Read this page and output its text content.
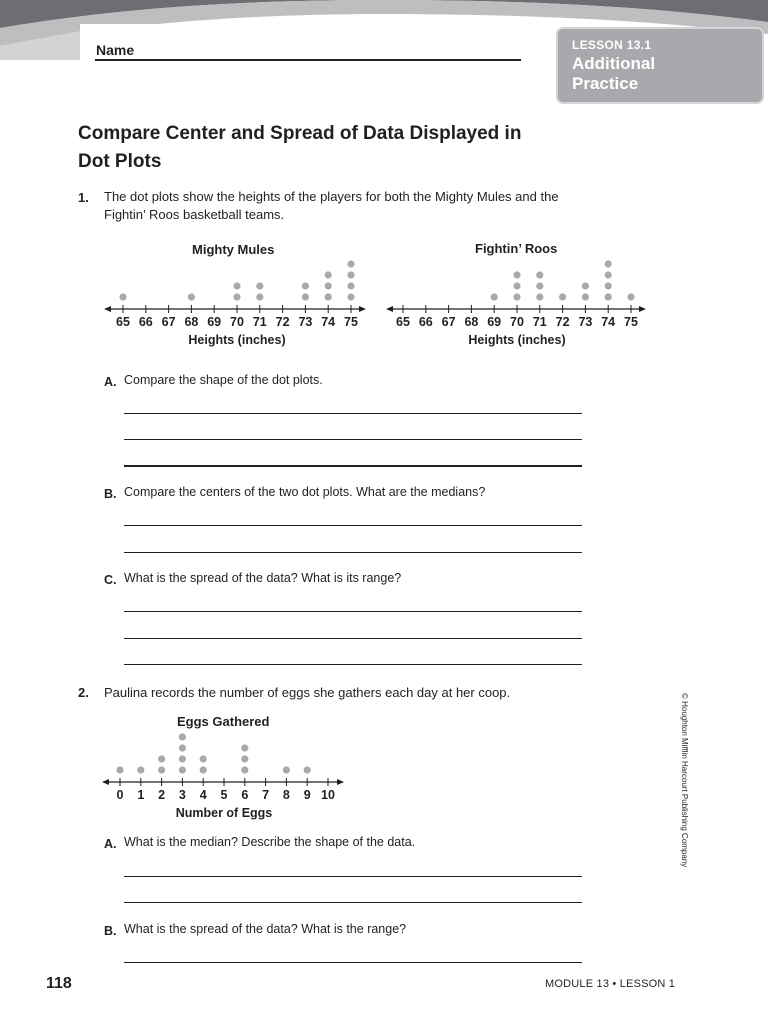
Name	LESSON 13.1
Additional Practice
Compare Center and Spread of Data Displayed in Dot Plots
1. The dot plots show the heights of the players for both the Mighty Mules and the Fightin’ Roos basketball teams.
Mighty Mules
65 66 67 68 69 70 71 72 73 74 75
Heights (inches)
Fightin’ Roos
65 66 67 68 69 70 71 72 73 74 75
Heights (inches)
A. Compare the shape of the dot plots.
B. Compare the centers of the two dot plots. What are the medians?
C. What is the spread of the data? What is its range?
2. Paulina records the number of eggs she gathers each day at her coop.
Eggs Gathered
0 1 2 3 4 5 6 7 8 9 10
Number of Eggs
A. What is the median? Describe the shape of the data.
B. What is the spread of the data? What is the range?
© Houghton Mifflin Harcourt Publishing Company
118	MODULE 13 • LESSON 1
